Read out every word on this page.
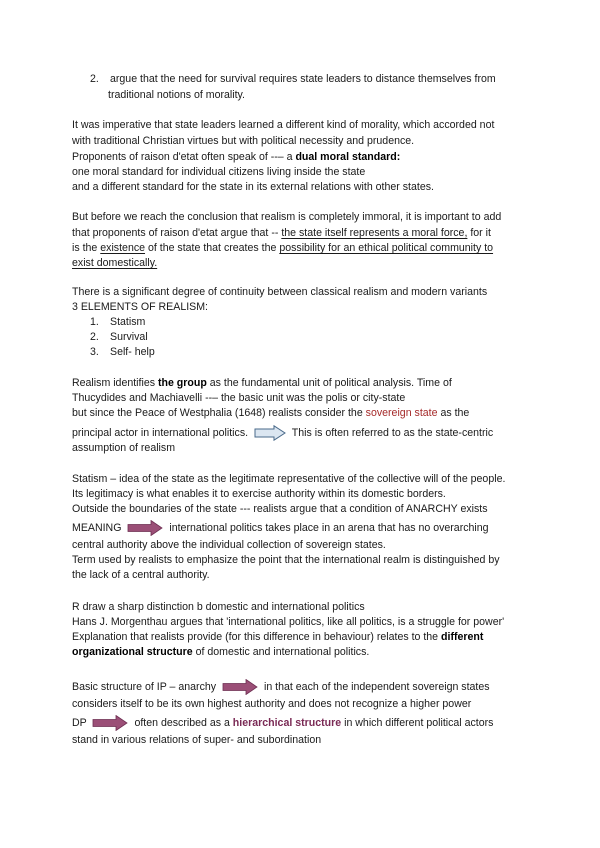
2. argue that the need for survival requires state leaders to distance themselves from
traditional notions of morality.
It was imperative that state leaders learned a different kind of morality, which accorded not
with traditional Christian virtues but with political necessity and prudence.
Proponents of raison d'etat often speak of --– a dual moral standard:
one moral standard for individual citizens living inside the state
and a different standard for the state in its external relations with other states.
But before we reach the conclusion that realism is completely immoral, it is important to add
that proponents of raison d'etat argue that -- the state itself represents a moral force, for it
is the existence of the state that creates the possibility for an ethical political community to
exist domestically.
There is a significant degree of continuity between classical realism and modern variants
3 ELEMENTS OF REALISM:
1. Statism
2. Survival
3. Self- help
Realism identifies the group as the fundamental unit of political analysis. Time of
Thucydides and Machiavelli --– the basic unit was the polis or city-state
but since the Peace of Westphalia (1648) realists consider the sovereign state as the
principal actor in international politics.	This is often referred to as the state-centric
assumption of realism
Statism – idea of the state as the legitimate representative of the collective will of the people.
Its legitimacy is what enables it to exercise authority within its domestic borders.
Outside the boundaries of the state --- realists argue that a condition of ANARCHY exists
MEANING	international politics takes place in an arena that has no overarching
central authority above the individual collection of sovereign states.
Term used by realists to emphasize the point that the international realm is distinguished by
the lack of a central authority.
R draw a sharp distinction b domestic and international politics
Hans J. Morgenthau argues that 'international politics, like all politics, is a struggle for power'
Explanation that realists provide (for this difference in behaviour) relates to the different
organizational structure of domestic and international politics.
Basic structure of IP – anarchy	in that each of the independent sovereign states
considers itself to be its own highest authority and does not recognize a higher power
DP	often described as a hierarchical structure in which different political actors
stand in various relations of super- and subordination
